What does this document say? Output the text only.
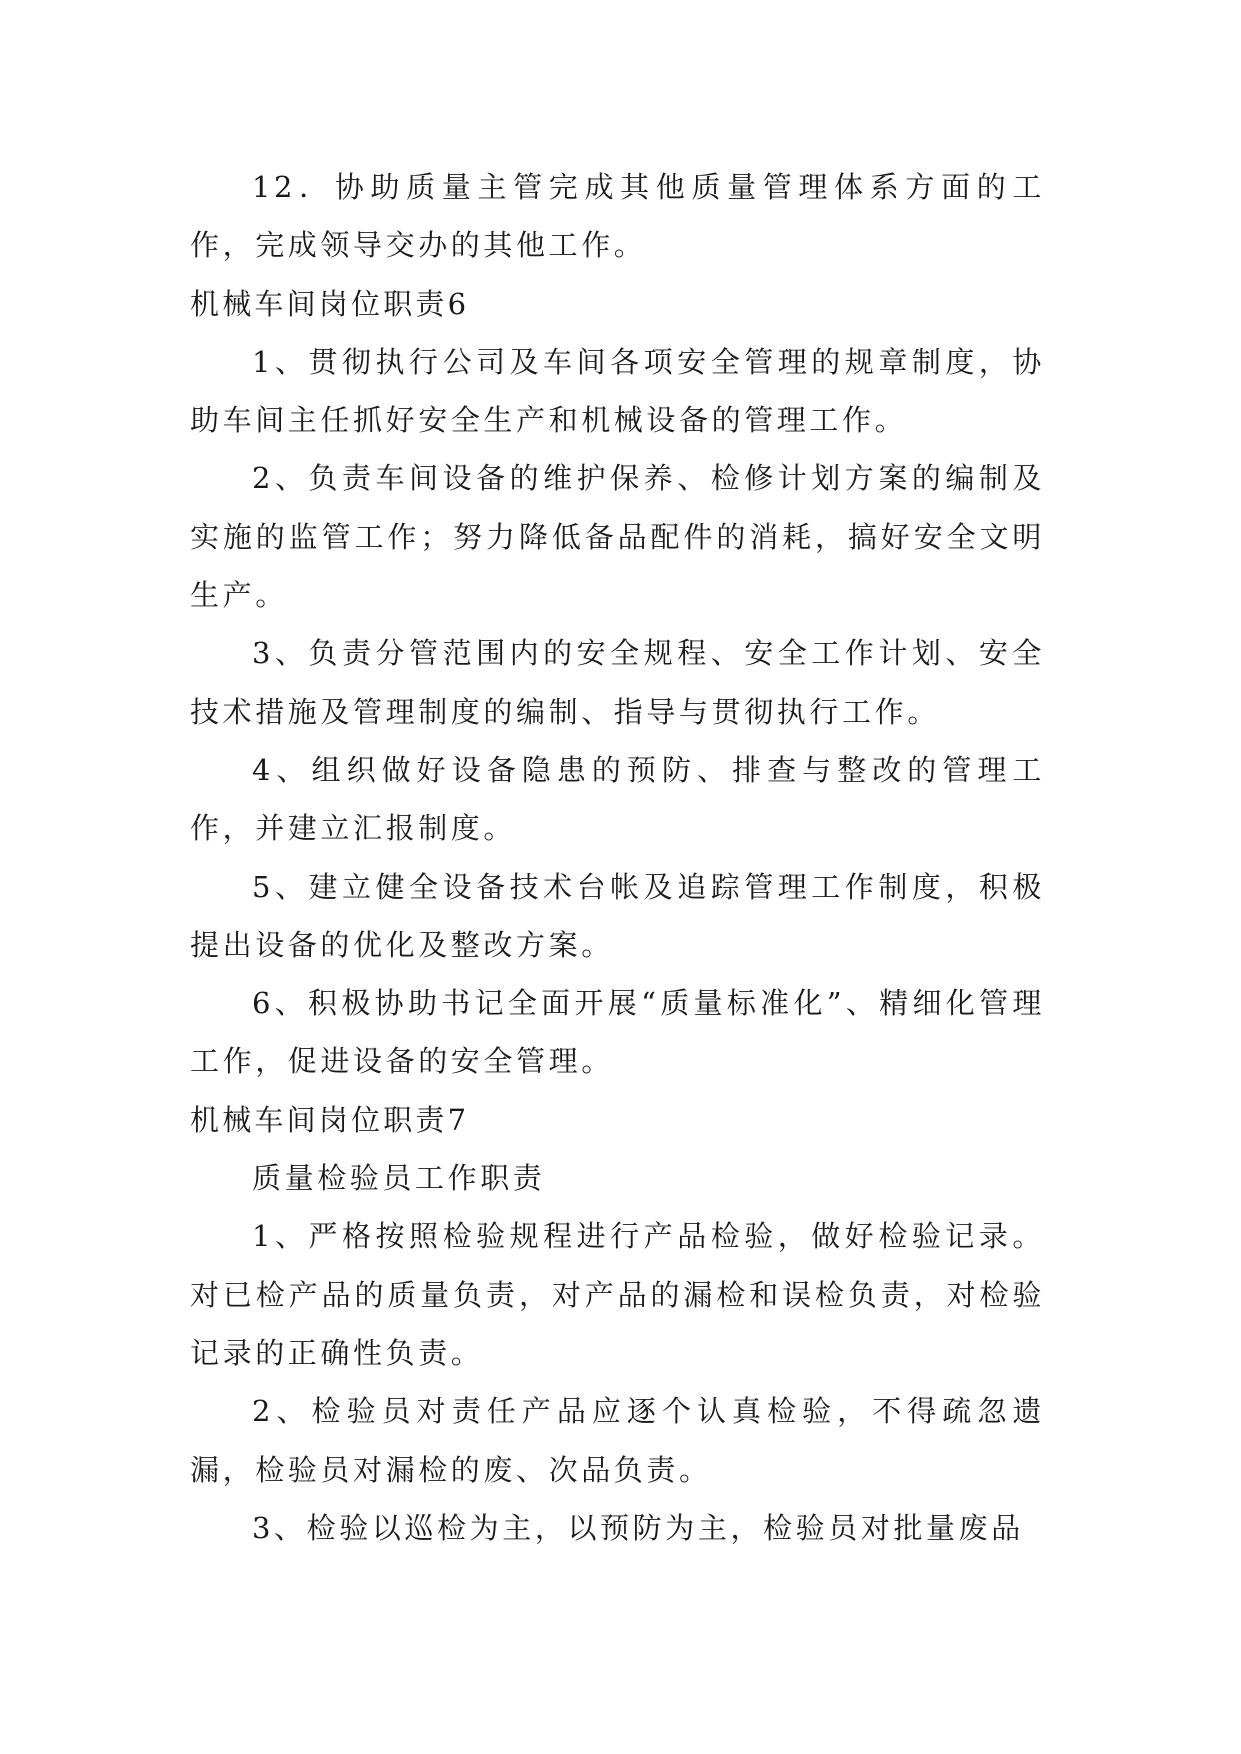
12．协助质量主管完成其他质量管理体系方面的工作，完成领导交办的其他工作。

机械车间岗位职责6

1、贯彻执行公司及车间各项安全管理的规章制度，协助车间主任抓好安全生产和机械设备的管理工作。

2、负责车间设备的维护保养、检修计划方案的编制及实施的监管工作；努力降低备品配件的消耗，搞好安全文明生产。

3、负责分管范围内的安全规程、安全工作计划、安全技术措施及管理制度的编制、指导与贯彻执行工作。

4、组织做好设备隐患的预防、排查与整改的管理工作，并建立汇报制度。

5、建立健全设备技术台帐及追踪管理工作制度，积极提出设备的优化及整改方案。

6、积极协助书记全面开展“质量标准化”、精细化管理工作，促进设备的安全管理。

机械车间岗位职责7

质量检验员工作职责

1、严格按照检验规程进行产品检验，做好检验记录。对已检产品的质量负责，对产品的漏检和误检负责，对检验记录的正确性负责。

2、检验员对责任产品应逐个认真检验，不得疏忽遗漏，检验员对漏检的废、次品负责。

3、检验以巡检为主，以预防为主，检验员对批量废品
